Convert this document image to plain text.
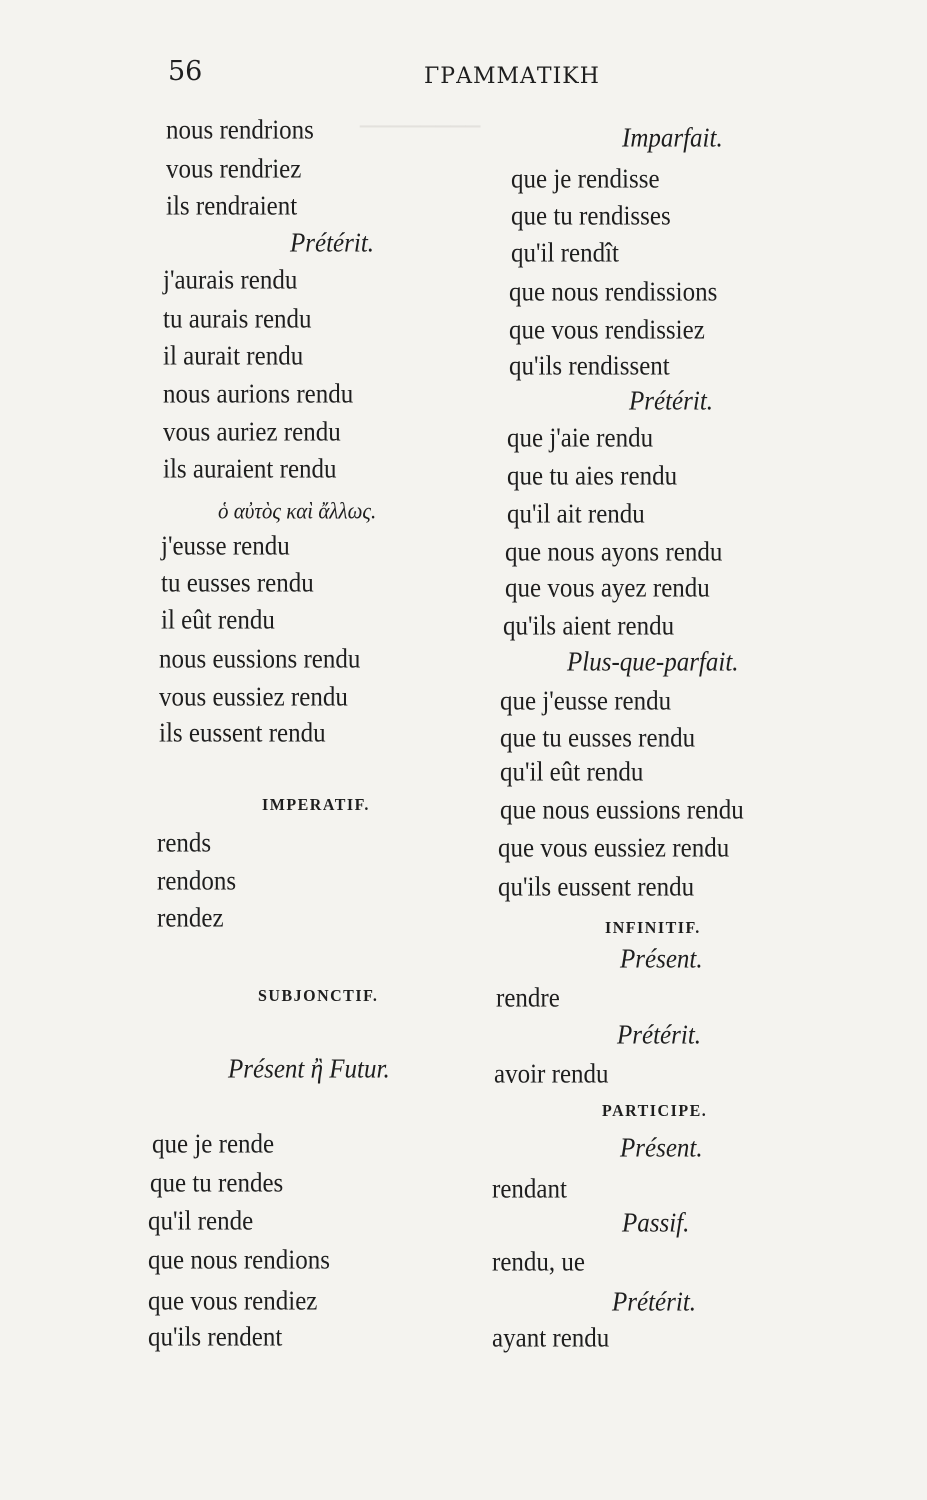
────────
56	ΓΡΑΜΜΑΤΙΚΗ
nous rendrions
vous rendriez
ils rendraient
Prétérit.
j'aurais rendu
tu aurais rendu
il aurait rendu
nous aurions rendu
vous auriez rendu
ils auraient rendu
ὁ αὐτὸς καὶ ἄλλως.
j'eusse rendu
tu eusses rendu
il eût rendu
nous eussions rendu
vous eussiez rendu
ils eussent rendu
IMPERATIF.
rends
rendons
rendez
SUBJONCTIF.
Présent ἢ Futur.
que je rende
que tu rendes
qu'il rende
que nous rendions
que vous rendiez
qu'ils rendent
Imparfait.
que je rendisse
que tu rendisses
qu'il rendît
que nous rendissions
que vous rendissiez
qu'ils rendissent
Prétérit.
que j'aie rendu
que tu aies rendu
qu'il ait rendu
que nous ayons rendu
que vous ayez rendu
qu'ils aient rendu
Plus-que-parfait.
que j'eusse rendu
que tu eusses rendu
qu'il eût rendu
que nous eussions rendu
que vous eussiez rendu
qu'ils eussent rendu
INFINITIF.
Présent.
rendre
Prétérit.
avoir rendu
PARTICIPE.
Présent.
rendant
Passif.
rendu, ue
Prétérit.
ayant rendu
